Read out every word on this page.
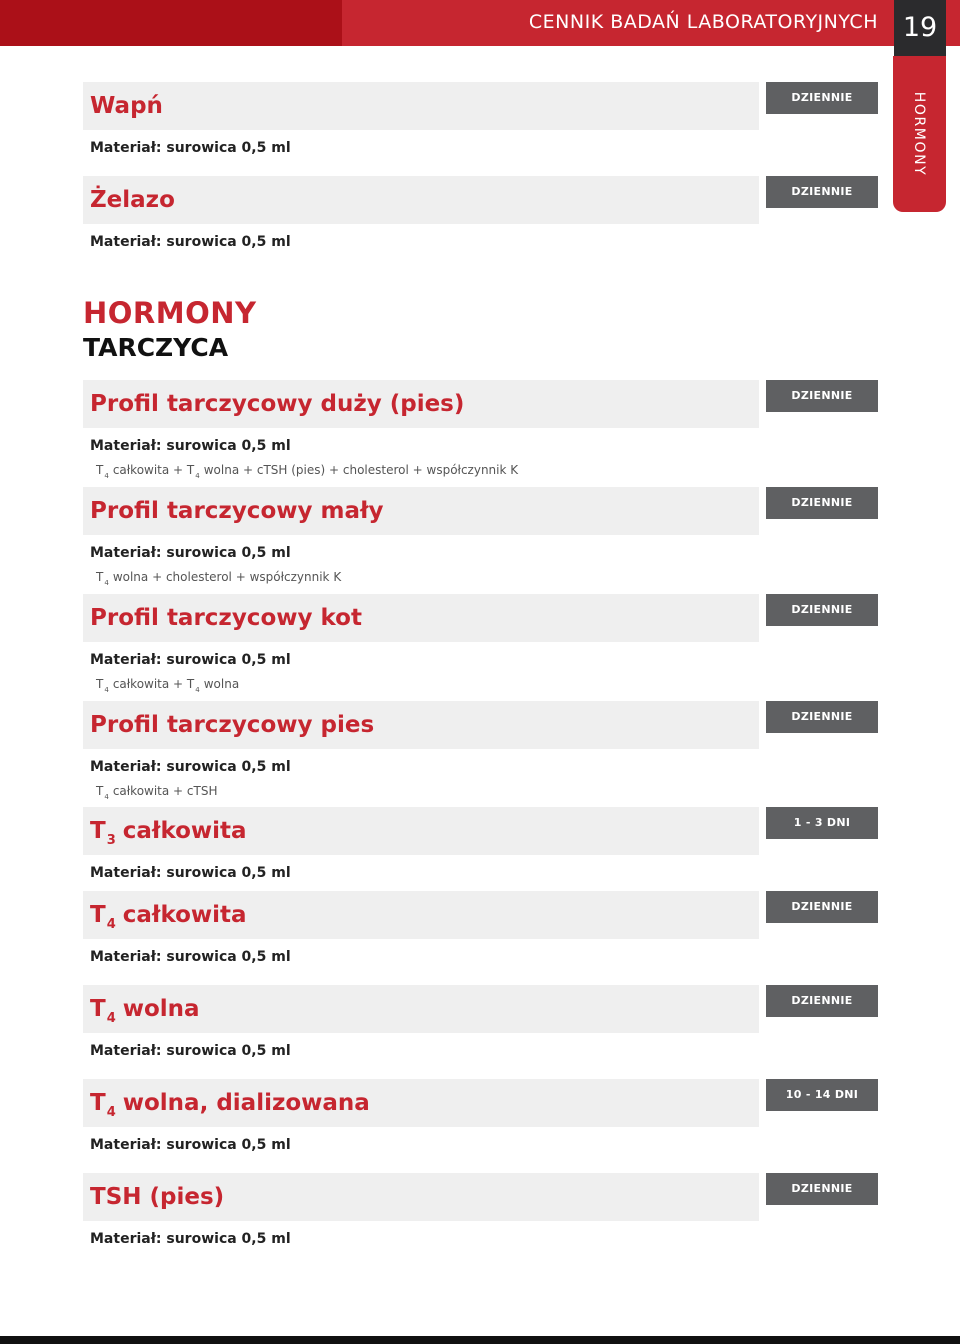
CENNIK BADAŃ LABORATORYJNYCH 19
HORMONY
Wapń	DZIENNIE
Materiał: surowica 0,5 ml
Żelazo	DZIENNIE
Materiał: surowica 0,5 ml
HORMONY
TARCZYCA
Profil tarczycowy duży (pies)	DZIENNIE
Materiał: surowica 0,5 ml
$T_4$ całkowita + $T_4$ wolna + cTSH (pies) + cholesterol + współczynnik K
Profil tarczycowy mały	DZIENNIE
Materiał: surowica 0,5 ml
$T_4$ wolna + cholesterol + współczynnik K
Profil tarczycowy kot	DZIENNIE
Materiał: surowica 0,5 ml
$T_4$ całkowita + $T_4$ wolna
Profil tarczycowy pies	DZIENNIE
Materiał: surowica 0,5 ml
$T_4$ całkowita + cTSH
$T_3$ całkowita	1 - 3 DNI
Materiał: surowica 0,5 ml
$T_4$ całkowita	DZIENNIE
Materiał: surowica 0,5 ml
$T_4$ wolna	DZIENNIE
Materiał: surowica 0,5 ml
$T_4$ wolna, dializowana	10 - 14 DNI
Materiał: surowica 0,5 ml
TSH (pies)	DZIENNIE
Materiał: surowica 0,5 ml
